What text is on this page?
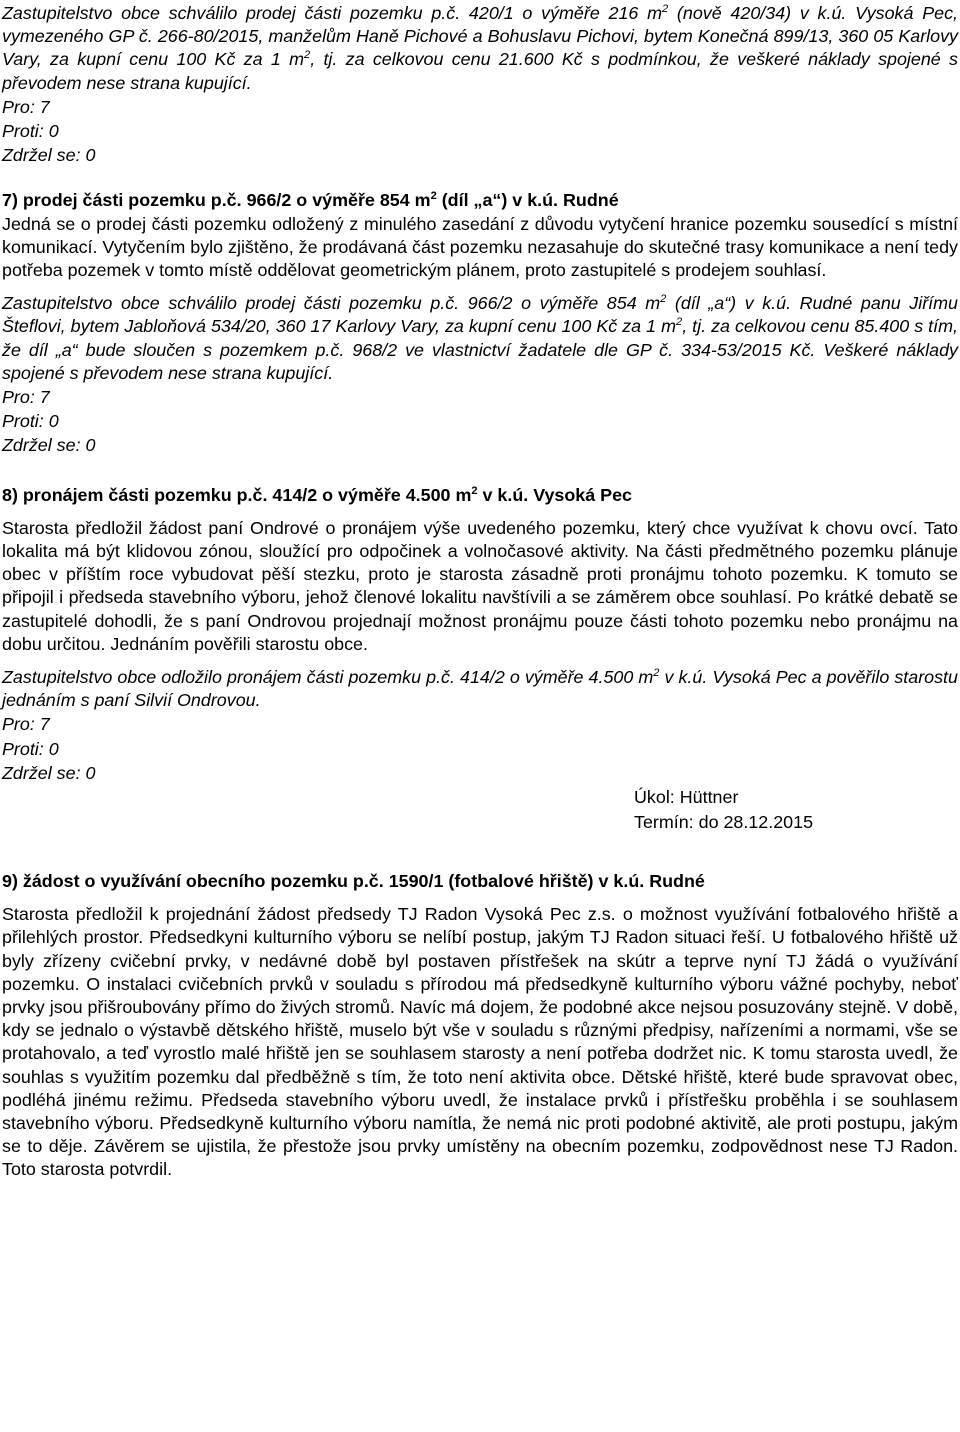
Zastupitelstvo obce schválilo prodej části pozemku p.č. 420/1 o výměře 216 $m^2$ (nově 420/34) v k.ú. Vysoká Pec, vymezeného GP č. 266-80/2015, manželům Haně Pichové a Bohuslavu Pichovi, bytem Konečná 899/13, 360 05 Karlovy Vary, za kupní cenu 100 Kč za 1 $m^2$, tj. za celkovou cenu 21.600 Kč s podmínkou, že veškeré náklady spojené s převodem nese strana kupující.

Pro: 7
Proti: 0
Zdržel se: 0

7) prodej části pozemku p.č. 966/2 o výměře 854 $m^2$ (díl „a“) v k.ú. Rudné

Jedná se o prodej části pozemku odložený z minulého zasedání z důvodu vytyčení hranice pozemku sousedící s místní komunikací. Vytyčením bylo zjištěno, že prodávaná část pozemku nezasahuje do skutečné trasy komunikace a není tedy potřeba pozemek v tomto místě oddělovat geometrickým plánem, proto zastupitelé s prodejem souhlasí.

Zastupitelstvo obce schválilo prodej části pozemku p.č. 966/2 o výměře 854 $m^2$ (díl „a“) v k.ú. Rudné panu Jiřímu Šteflovi, bytem Jabloňová 534/20, 360 17 Karlovy Vary, za kupní cenu 100 Kč za 1 $m^2$, tj. za celkovou cenu 85.400 s tím, že díl „a“ bude sloučen s pozemkem p.č. 968/2 ve vlastnictví žadatele dle GP č. 334-53/2015 Kč. Veškeré náklady spojené s převodem nese strana kupující.

Pro: 7
Proti: 0
Zdržel se: 0

8) pronájem části pozemku p.č. 414/2 o výměře 4.500 $m^2$ v k.ú. Vysoká Pec

Starosta předložil žádost paní Ondrové o pronájem výše uvedeného pozemku, který chce využívat k chovu ovcí. Tato lokalita má být klidovou zónou, sloužící pro odpočinek a volnočasové aktivity. Na části předmětného pozemku plánuje obec v příštím roce vybudovat pěší stezku, proto je starosta zásadně proti pronájmu tohoto pozemku. K tomuto se připojil i předseda stavebního výboru, jehož členové lokalitu navštívili a se záměrem obce souhlasí. Po krátké debatě se zastupitelé dohodli, že s paní Ondrovou projednají možnost pronájmu pouze části tohoto pozemku nebo pronájmu na dobu určitou. Jednáním pověřili starostu obce.

Zastupitelstvo obce odložilo pronájem části pozemku p.č. 414/2 o výměře 4.500 $m^2$ v k.ú. Vysoká Pec a pověřilo starostu jednáním s paní Silvií Ondrovou.

Pro: 7
Proti: 0
Zdržel se: 0
Úkol: Hüttner
Termín: do 28.12.2015

9) žádost o využívání obecního pozemku p.č. 1590/1 (fotbalové hřiště) v k.ú. Rudné

Starosta předložil k projednání žádost předsedy TJ Radon Vysoká Pec z.s. o možnost využívání fotbalového hřiště a přilehlých prostor. Předsedkyni kulturního výboru se nelíbí postup, jakým TJ Radon situaci řeší. U fotbalového hřiště už byly zřízeny cvičební prvky, v nedávné době byl postaven přístřešek na skútr a teprve nyní TJ žádá o využívání pozemku. O instalaci cvičebních prvků v souladu s přírodou má předsedkyně kulturního výboru vážné pochyby, neboť prvky jsou přišroubovány přímo do živých stromů. Navíc má dojem, že podobné akce nejsou posuzovány stejně. V době, kdy se jednalo o výstavbě dětského hřiště, muselo být vše v souladu s různými předpisy, nařízeními a normami, vše se protahovalo, a teď vyrostlo malé hřiště jen se souhlasem starosty a není potřeba dodržet nic. K tomu starosta uvedl, že souhlas s využitím pozemku dal předběžně s tím, že toto není aktivita obce. Dětské hřiště, které bude spravovat obec, podléhá jinému režimu. Předseda stavebního výboru uvedl, že instalace prvků i přístřešku proběhla i se souhlasem stavebního výboru. Předsedkyně kulturního výboru namítla, že nemá nic proti podobné aktivitě, ale proti postupu, jakým se to děje. Závěrem se ujistila, že přestože jsou prvky umístěny na obecním pozemku, zodpovědnost nese TJ Radon. Toto starosta potvrdil.
